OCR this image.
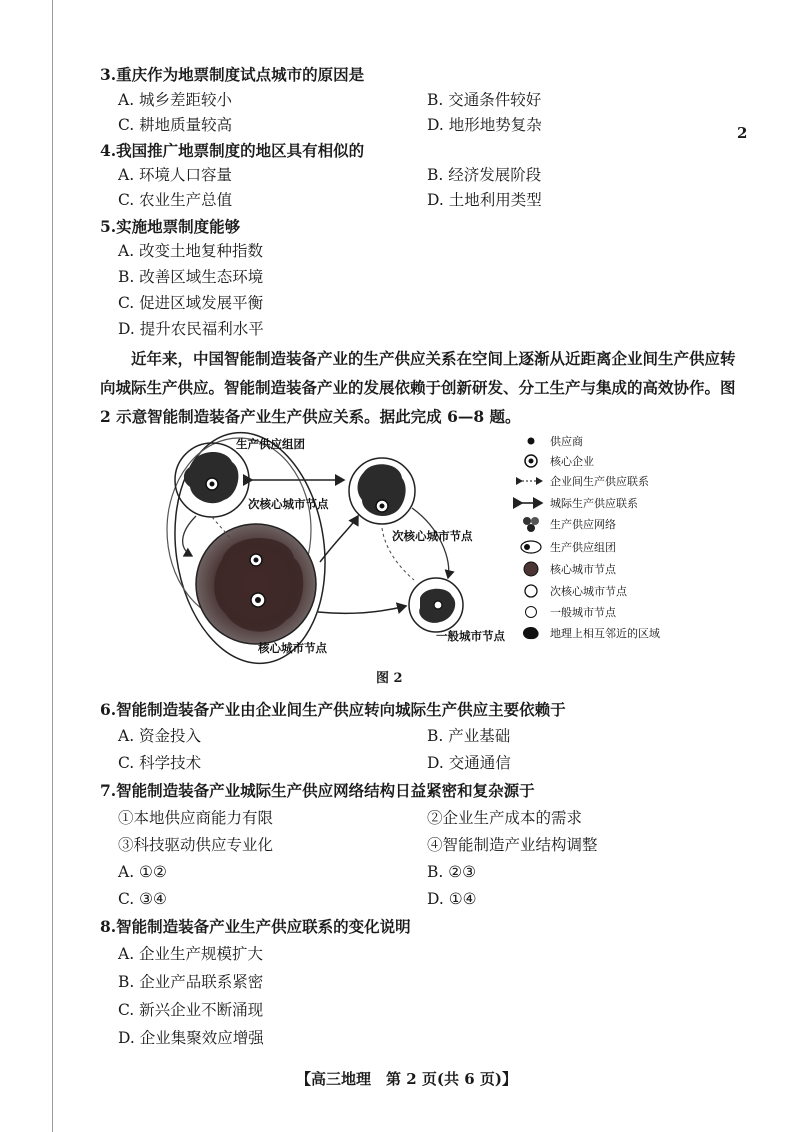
2
3.重庆作为地票制度试点城市的原因是
A. 城乡差距较小	B. 交通条件较好
C. 耕地质量较高	D. 地形地势复杂
4.我国推广地票制度的地区具有相似的
A. 环境人口容量	B. 经济发展阶段
C. 农业生产总值	D. 土地利用类型
5.实施地票制度能够
A. 改变土地复种指数
B. 改善区域生态环境
C. 促进区域发展平衡
D. 提升农民福利水平
近年来，中国智能制造装备产业的生产供应关系在空间上逐渐从近距离企业间生产供应转
向城际生产供应。智能制造装备产业的发展依赖于创新研发、分工生产与集成的高效协作。图
2 示意智能制造装备产业生产供应关系。据此完成 6—8 题。
生产供应组团
次核心城市节点
次核心城市节点
核心城市节点
一般城市节点
供应商
核心企业
企业间生产供应联系
城际生产供应联系
生产供应网络
生产供应组团
核心城市节点
次核心城市节点
一般城市节点
地理上相互邻近的区域
图 2
6.智能制造装备产业由企业间生产供应转向城际生产供应主要依赖于
A. 资金投入	B. 产业基础
C. 科学技术	D. 交通通信
7.智能制造装备产业城际生产供应网络结构日益紧密和复杂源于
①本地供应商能力有限	②企业生产成本的需求
③科技驱动供应专业化	④智能制造产业结构调整
A. ①②	B. ②③
C. ③④	D. ①④
8.智能制造装备产业生产供应联系的变化说明
A. 企业生产规模扩大
B. 企业产品联系紧密
C. 新兴企业不断涌现
D. 企业集聚效应增强
【高三地理　第 2 页(共 6 页)】
